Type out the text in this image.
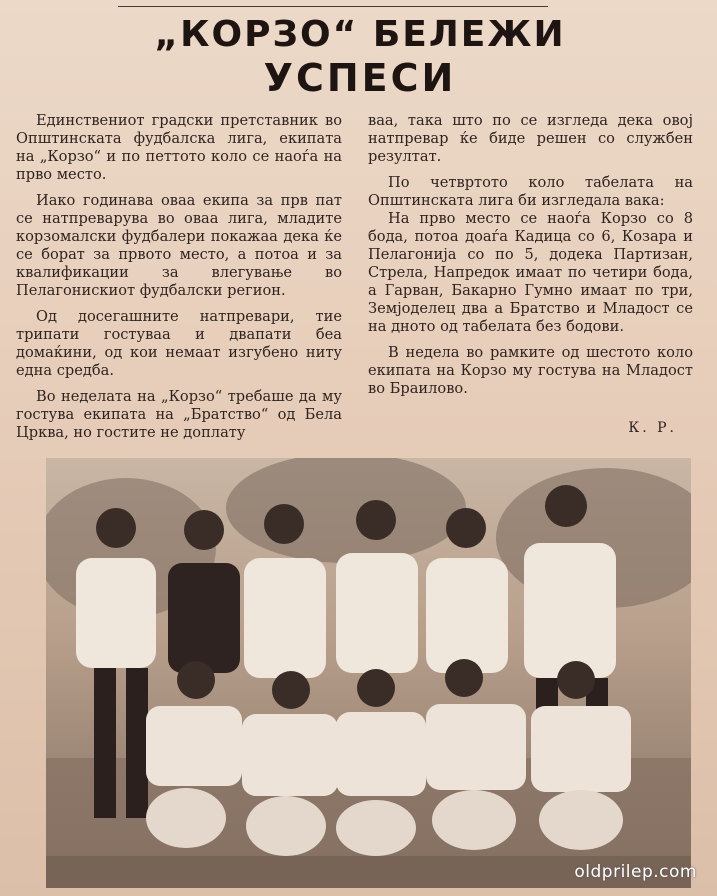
„КОРЗО“ БЕЛЕЖИ
УСПЕСИ

Единствениот градски претставник во Општинската фудбалска лига, екипата на „Корзо“ и по петтото коло се наоѓа на прво место.

Иако годинава оваа екипа за прв пат се натпреварува во оваа лига, младите корзомалски фудбалери покажаа дека ќе се борат за првото место, а потоа и за квалификации за влегување во Пелагонискиот фудбалски регион.

Од досегашните натпревари, тие трипати гостуваа и двапати беа домаќини, од кои немаат изгубено ниту една средба.

Во неделата на „Корзо“ требаше да му гостува екипата на „Братство“ од Бела Црква, но гостите не доплату

ваа, така што по се изгледа дека овој натпревар ќе биде решен со службен резултат.

По четвртото коло табелата на Општинската лига би изгледала вака:

На прво место се наоѓа Корзо со 8 бода, потоа доаѓа Кадица со 6, Козара и Пелагонија со по 5, додека Партизан, Стрела, Напредок имаат по четири бода, а Гарван, Бакарно Гумно имаат по три, Земјоделец два а Братство и Младост се на дното од табелата без бодови.

В недела во рамките од шестото коло екипата на Корзо му гостува на Младост во Браилово.

К. Р.
oldprilep.com
